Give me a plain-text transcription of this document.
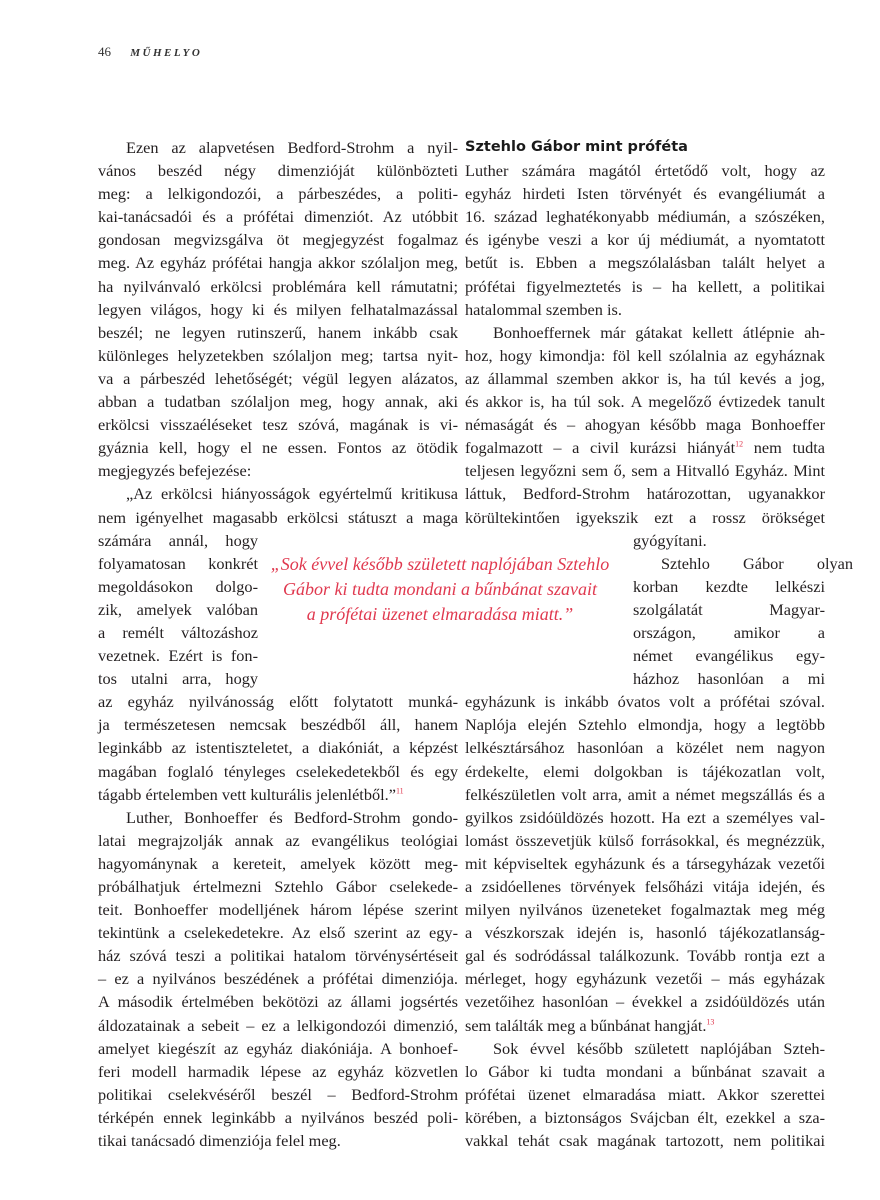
46 MŰHELYO
Ezen az alapvetésen Bedford-Strohm a nyil-
vános beszéd négy dimenzióját különbözteti
meg: a lelkigondozói, a párbeszédes, a politi-
kai-tanácsadói és a prófétai dimenziót. Az utóbbit
gondosan megvizsgálva öt megjegyzést fogalmaz
meg. Az egyház prófétai hangja akkor szólaljon meg,
ha nyilvánvaló erkölcsi problémára kell rámutatni;
legyen világos, hogy ki és milyen felhatalmazással
beszél; ne legyen rutinszerű, hanem inkább csak
különleges helyzetekben szólaljon meg; tartsa nyit-
va a párbeszéd lehetőségét; végül legyen alázatos,
abban a tudatban szólaljon meg, hogy annak, aki
erkölcsi visszaéléseket tesz szóvá, magának is vi-
gyáznia kell, hogy el ne essen. Fontos az ötödik
megjegyzés befejezése:
„Az erkölcsi hiányosságok egyértelmű kritikusa
nem igényelhet magasabb erkölcsi státuszt a maga
számára annál, hogy
folyamatosan konkrét
megoldásokon dolgo-
zik, amelyek valóban
a remélt változáshoz
vezetnek. Ezért is fon-
tos utalni arra, hogy
az egyház nyilvánosság előtt folytatott munká-
ja természetesen nemcsak beszédből áll, hanem
leginkább az istentiszteletet, a diakóniát, a képzést
magában foglaló tényleges cselekedetekből és egy
tágabb értelemben vett kulturális jelenlétből.”$^{11}$
Luther, Bonhoeffer és Bedford-Strohm gondo-
latai megrajzolják annak az evangélikus teológiai
hagyománynak a kereteit, amelyek között meg-
próbálhatjuk értelmezni Sztehlo Gábor cselekede-
teit. Bonhoeffer modelljének három lépése szerint
tekintünk a cselekedetekre. Az első szerint az egy-
ház szóvá teszi a politikai hatalom törvénysértéseit
– ez a nyilvános beszédének a prófétai dimenziója.
A második értelmében bekötözi az állami jogsértés
áldozatainak a sebeit – ez a lelkigondozói dimenzió,
amelyet kiegészít az egyház diakóniája. A bonhoef-
feri modell harmadik lépese az egyház közvetlen
politikai cselekvéséről beszél – Bedford-Strohm
térképén ennek leginkább a nyilvános beszéd poli-
tikai tanácsadó dimenziója felel meg.
„Sok évvel később született naplójában Sztehlo
Gábor ki tudta mondani a bűnbánat szavait
a prófétai üzenet elmaradása miatt.”
Sztehlo Gábor mint próféta
Luther számára magától értetődő volt, hogy az
egyház hirdeti Isten törvényét és evangéliumát a
16. század leghatékonyabb médiumán, a szószéken,
és igénybe veszi a kor új médiumát, a nyomtatott
betűt is. Ebben a megszólalásban talált helyet a
prófétai figyelmeztetés is – ha kellett, a politikai
hatalommal szemben is.
Bonhoeffernek már gátakat kellett átlépnie ah-
hoz, hogy kimondja: föl kell szólalnia az egyháznak
az állammal szemben akkor is, ha túl kevés a jog,
és akkor is, ha túl sok. A megelőző évtizedek tanult
némaságát és – ahogyan később maga Bonhoeffer
fogalmazott – a civil kurázsi hiányát$^{12}$ nem tudta
teljesen legyőzni sem ő, sem a Hitvalló Egyház. Mint
láttuk, Bedford-Strohm határozottan, ugyanakkor
körültekintően igyekszik ezt a rossz örökséget
gyógyítani.
Sztehlo Gábor olyan
korban kezdte lelkészi
szolgálatát Magyar-
országon, amikor a
német evangélikus egy-
házhoz hasonlóan a mi
egyházunk is inkább óvatos volt a prófétai szóval.
Naplója elején Sztehlo elmondja, hogy a legtöbb
lelkésztársához hasonlóan a közélet nem nagyon
érdekelte, elemi dolgokban is tájékozatlan volt,
felkészületlen volt arra, amit a német megszállás és a
gyilkos zsidóüldözés hozott. Ha ezt a személyes val-
lomást összevetjük külső forrásokkal, és megnézzük,
mit képviseltek egyházunk és a társegyházak vezetői
a zsidóellenes törvények felsőházi vitája idején, és
milyen nyilvános üzeneteket fogalmaztak meg még
a vészkorszak idején is, hasonló tájékozatlanság-
gal és sodródással találkozunk. Tovább rontja ezt a
mérleget, hogy egyházunk vezetői – más egyházak
vezetőihez hasonlóan – évekkel a zsidóüldözés után
sem találták meg a bűnbánat hangját.$^{13}$
Sok évvel később született naplójában Szteh-
lo Gábor ki tudta mondani a bűnbánat szavait a
prófétai üzenet elmaradása miatt. Akkor szerettei
körében, a biztonságos Svájcban élt, ezekkel a sza-
vakkal tehát csak magának tartozott, nem politikai
